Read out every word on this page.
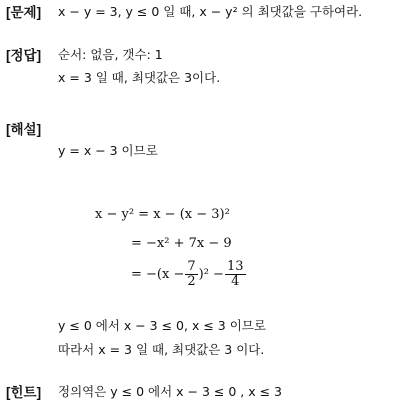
[문제] x − y = 3, y ≤ 0 일 때, x − y² 의 최댓값을 구하여라.
[정답] 순서: 없음, 갯수: 1
x = 3 일 때, 최댓값은 3이다.
[해설]
y = x − 3 이므로
x − y² = x − (x − 3)²
= −x² + 7x − 9
= $-(x - \frac{7}{2} )^2 - \frac{13}{4}$
y ≤ 0 에서 x − 3 ≤ 0, x ≤ 3 이므로
따라서 x = 3 일 때, 최댓값은 3 이다.
[힌트] 정의역은 y ≤ 0 에서 x − 3 ≤ 0 , x ≤ 3
